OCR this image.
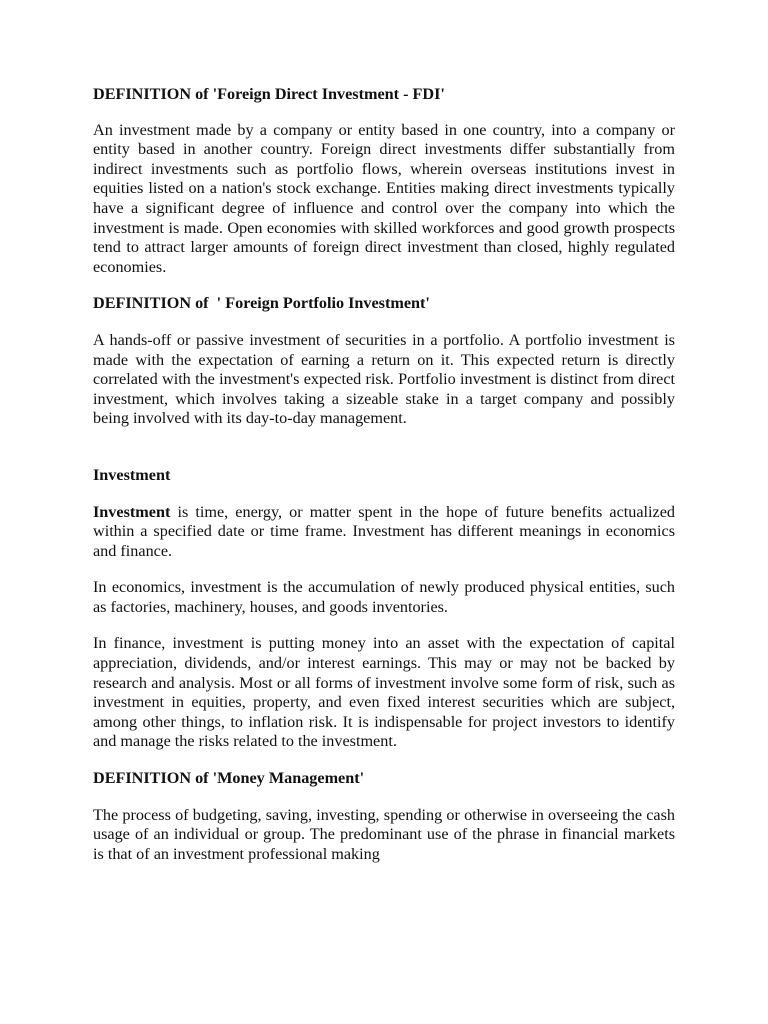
DEFINITION of 'Foreign Direct Investment - FDI'

An investment made by a company or entity based in one country, into a company or entity based in another country. Foreign direct investments differ substantially from indirect investments such as portfolio flows, wherein overseas institutions invest in equities listed on a nation's stock exchange. Entities making direct investments typically have a significant degree of influence and control over the company into which the investment is made. Open economies with skilled workforces and good growth prospects tend to attract larger amounts of foreign direct investment than closed, highly regulated economies.

DEFINITION of  ' Foreign Portfolio Investment'

A hands-off or passive investment of securities in a portfolio. A portfolio investment is made with the expectation of earning a return on it. This expected return is directly correlated with the investment's expected risk. Portfolio investment is distinct from direct investment, which involves taking a sizeable stake in a target company and possibly being involved with its day-to-day management.

Investment

Investment is time, energy, or matter spent in the hope of future benefits actualized within a specified date or time frame. Investment has different meanings in economics and finance.

In economics, investment is the accumulation of newly produced physical entities, such as factories, machinery, houses, and goods inventories.

In finance, investment is putting money into an asset with the expectation of capital appreciation, dividends, and/or interest earnings. This may or may not be backed by research and analysis. Most or all forms of investment involve some form of risk, such as investment in equities, property, and even fixed interest securities which are subject, among other things, to inflation risk. It is indispensable for project investors to identify and manage the risks related to the investment.

DEFINITION of 'Money Management'

The process of budgeting, saving, investing, spending or otherwise in overseeing the cash usage of an individual or group. The predominant use of the phrase in financial markets is that of an investment professional making
